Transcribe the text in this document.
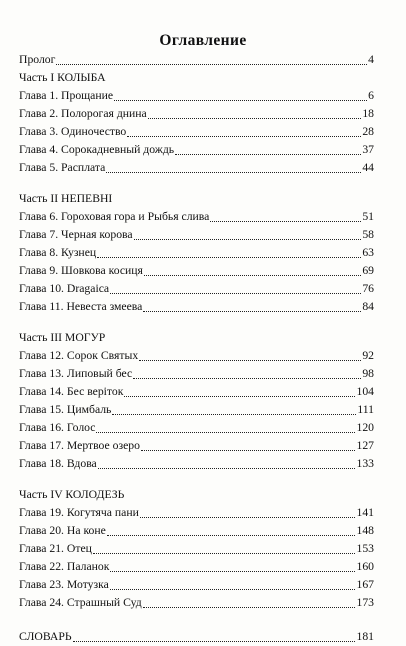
Оглавление
Пролог	4
Часть I КОЛЫБА
Глава 1. Прощание	6
Глава 2. Полорогая днина	18
Глава 3. Одиночество	28
Глава 4. Сорокадневный дождь	37
Глава 5. Расплата	44
Часть II НЕПЕВНІ
Глава 6. Гороховая гора и Рыбья слива	51
Глава 7. Черная корова	58
Глава 8. Кузнец	63
Глава 9. Шовкова косиця	69
Глава 10. Dragaica	76
Глава 11. Невеста змеева	84
Часть III МОГУР
Глава 12. Сорок Святых	92
Глава 13. Липовый бес	98
Глава 14. Бес верiток	104
Глава 15. Цимбаль	111
Глава 16. Голос	120
Глава 17. Мертвое озеро	127
Глава 18. Вдова	133
Часть IV КОЛОДЕЗЬ
Глава 19. Когутяча пани	141
Глава 20. На коне	148
Глава 21. Отец	153
Глава 22. Паланок	160
Глава 23. Мотузка	167
Глава 24. Страшный Суд	173
СЛОВАРЬ	181
